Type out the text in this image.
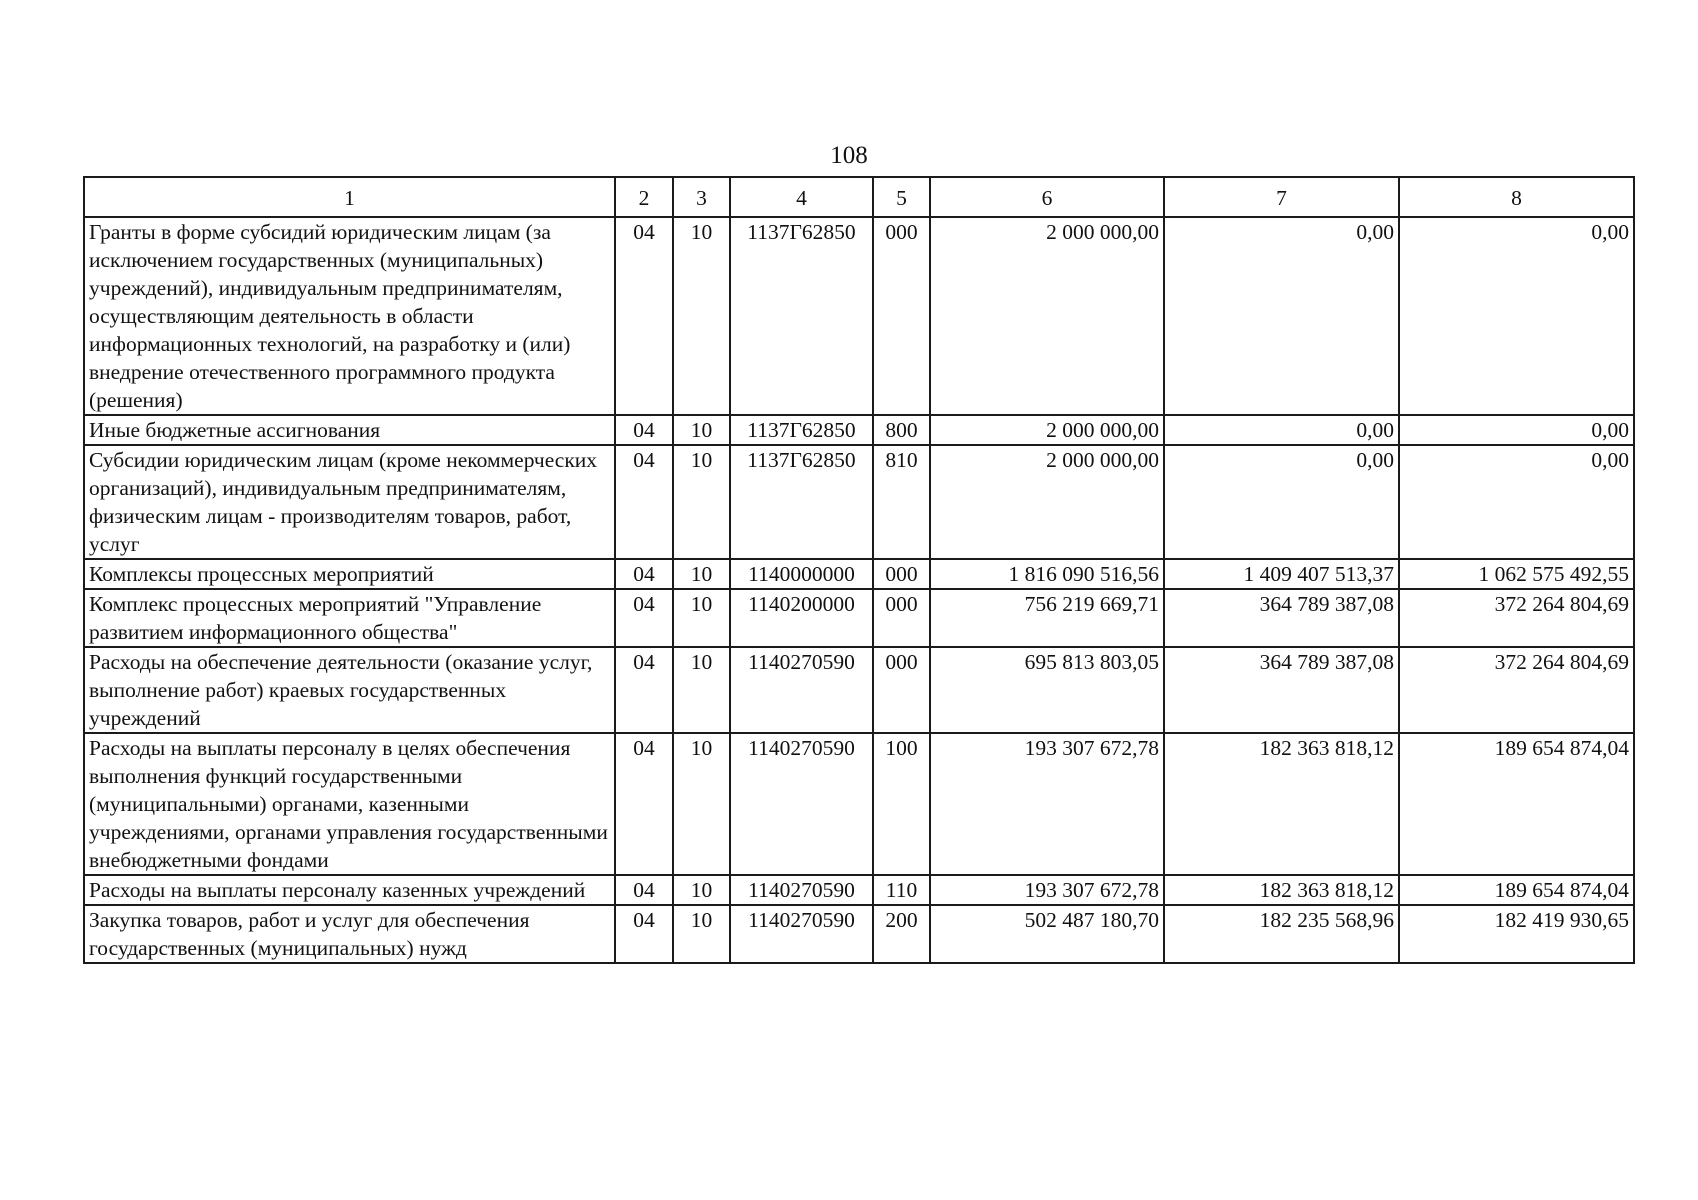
108
1	2	3	4	5	6	7	8
Гранты в форме субсидий юридическим лицам (за исключением государственных (муниципальных) учреждений), индивидуальным предпринимателям, осуществляющим деятельность в области информационных технологий, на разработку и (или) внедрение отечественного программного продукта (решения)	04	10	1137Г62850	000	2 000 000,00	0,00	0,00
Иные бюджетные ассигнования	04	10	1137Г62850	800	2 000 000,00	0,00	0,00
Субсидии юридическим лицам (кроме некоммерческих организаций), индивидуальным предпринимателям, физическим лицам - производителям товаров, работ, услуг	04	10	1137Г62850	810	2 000 000,00	0,00	0,00
Комплексы процессных мероприятий	04	10	1140000000	000	1 816 090 516,56	1 409 407 513,37	1 062 575 492,55
Комплекс процессных мероприятий "Управление развитием информационного общества"	04	10	1140200000	000	756 219 669,71	364 789 387,08	372 264 804,69
Расходы на обеспечение деятельности (оказание услуг, выполнение работ) краевых государственных учреждений	04	10	1140270590	000	695 813 803,05	364 789 387,08	372 264 804,69
Расходы на выплаты персоналу в целях обеспечения выполнения функций государственными (муниципальными) органами, казенными учреждениями, органами управления государственными внебюджетными фондами	04	10	1140270590	100	193 307 672,78	182 363 818,12	189 654 874,04
Расходы на выплаты персоналу казенных учреждений	04	10	1140270590	110	193 307 672,78	182 363 818,12	189 654 874,04
Закупка товаров, работ и услуг для обеспечения государственных (муниципальных) нужд	04	10	1140270590	200	502 487 180,70	182 235 568,96	182 419 930,65
